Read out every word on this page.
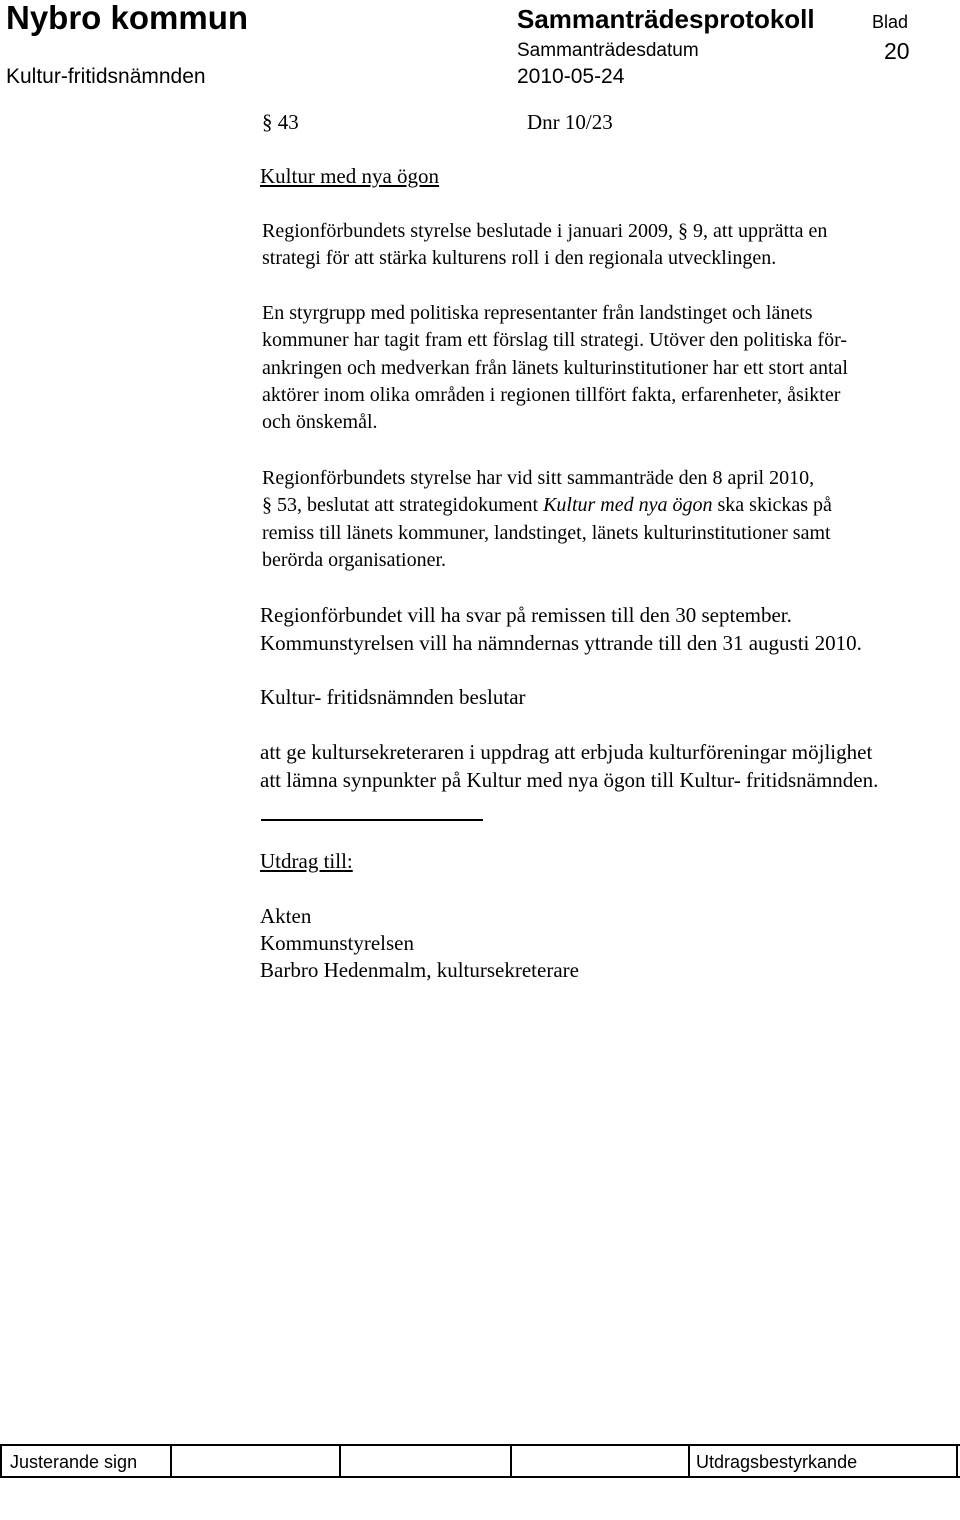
Nybro kommun	Sammanträdesprotokoll	Blad
Sammanträdesdatum	20
Kultur-fritidsnämnden	2010-05-24
§ 43	Dnr 10/23
Kultur med nya ögon

Regionförbundets styrelse beslutade i januari 2009, § 9, att upprätta en
strategi för att stärka kulturens roll i den regionala utvecklingen.

En styrgrupp med politiska representanter från landstinget och länets
kommuner har tagit fram ett förslag till strategi. Utöver den politiska för-
ankringen och medverkan från länets kulturinstitutioner har ett stort antal
aktörer inom olika områden i regionen tillfört fakta, erfarenheter, åsikter
och önskemål.

Regionförbundets styrelse har vid sitt sammanträde den 8 april 2010,
§ 53, beslutat att strategidokument Kultur med nya ögon ska skickas på
remiss till länets kommuner, landstinget, länets kulturinstitutioner samt
berörda organisationer.

Regionförbundet vill ha svar på remissen till den 30 september.
Kommunstyrelsen vill ha nämndernas yttrande till den 31 augusti 2010.

Kultur- fritidsnämnden beslutar

att ge kultursekreteraren i uppdrag att erbjuda kulturföreningar möjlighet
att lämna synpunkter på Kultur med nya ögon till Kultur- fritidsnämnden.

Utdrag till:
Akten
Kommunstyrelsen
Barbro Hedenmalm, kultursekreterare
Justerande sign	Utdragsbestyrkande
